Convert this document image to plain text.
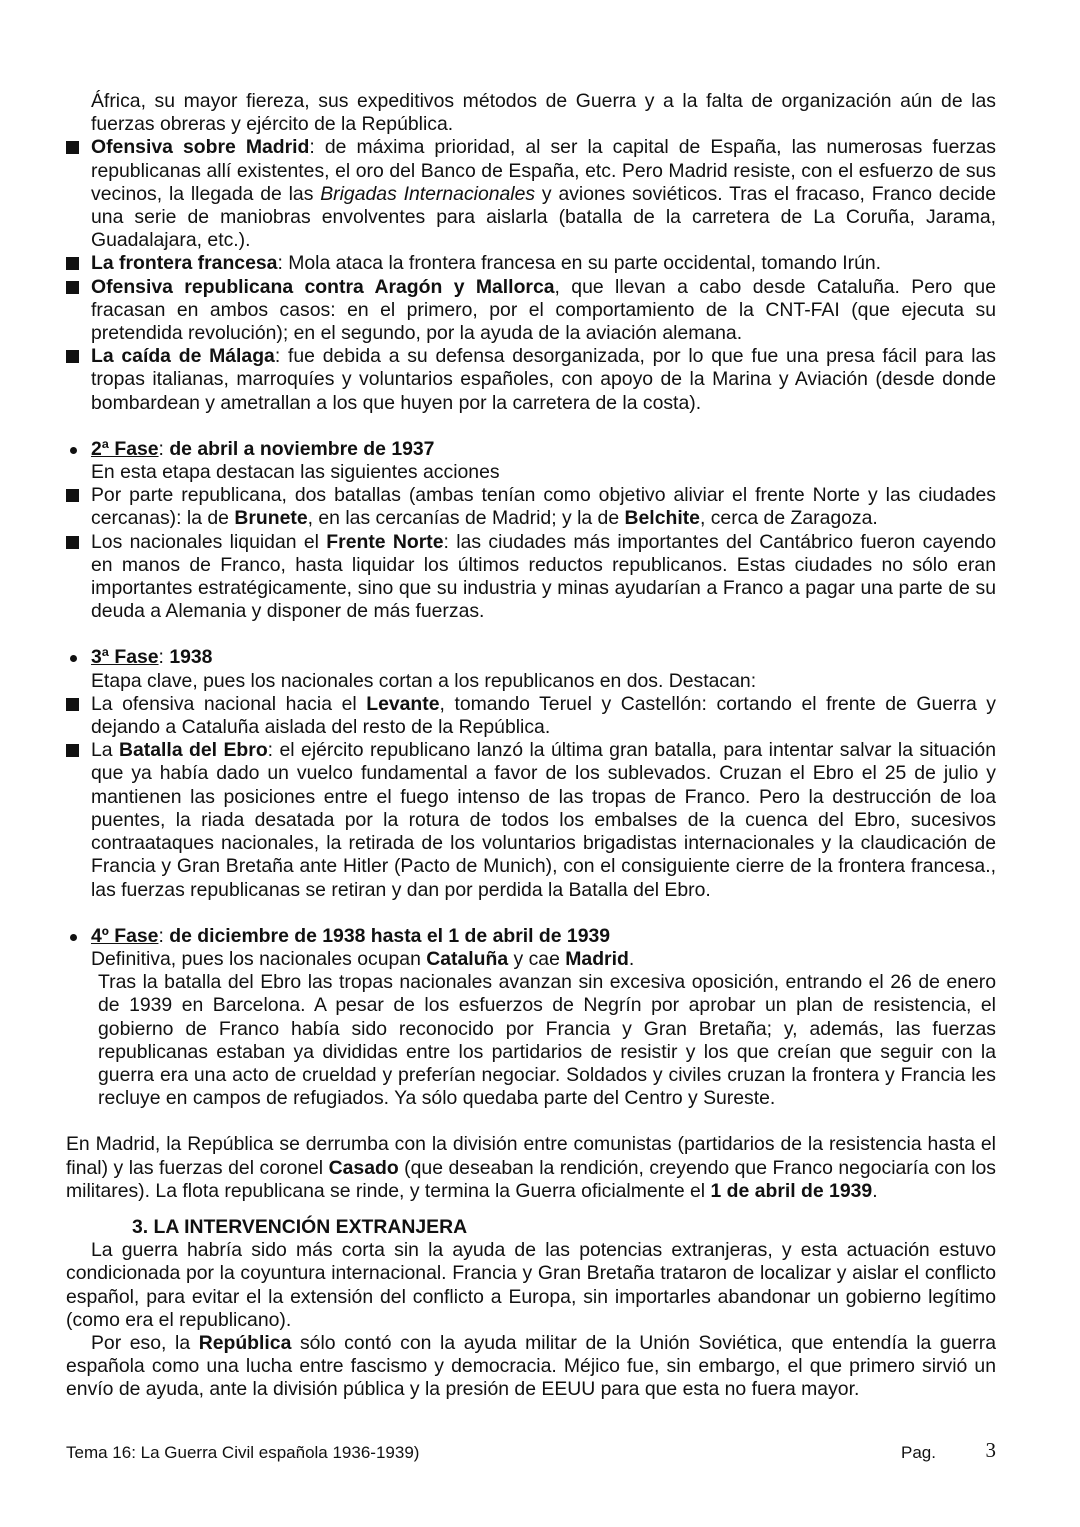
África, su mayor fiereza, sus expeditivos métodos de Guerra y a la falta de organización aún de las fuerzas obreras y ejército de la República.
Ofensiva sobre Madrid: de máxima prioridad, al ser la capital de España, las numerosas fuerzas republicanas allí existentes, el oro del Banco de España, etc. Pero Madrid resiste, con el esfuerzo de sus vecinos, la llegada de las Brigadas Internacionales y aviones soviéticos. Tras el fracaso, Franco decide una serie de maniobras envolventes para aislarla (batalla de la carretera de La Coruña, Jarama, Guadalajara, etc.).
La frontera francesa: Mola ataca la frontera francesa en su parte occidental, tomando Irún.
Ofensiva republicana contra Aragón y Mallorca, que llevan a cabo desde Cataluña. Pero que fracasan en ambos casos: en el primero, por el comportamiento de la CNT-FAI (que ejecuta su pretendida revolución); en el segundo, por la ayuda de la aviación alemana.
La caída de Málaga: fue debida a su defensa desorganizada, por lo que fue una presa fácil para las tropas italianas, marroquíes y voluntarios españoles, con apoyo de la Marina y Aviación (desde donde bombardean y ametrallan a los que huyen por la carretera de la costa).
2ª Fase: de abril a noviembre de 1937
En esta etapa destacan las siguientes acciones
Por parte republicana, dos batallas (ambas tenían como objetivo aliviar el frente Norte y las ciudades cercanas): la de Brunete, en las cercanías de Madrid; y la de Belchite, cerca de Zaragoza.
Los nacionales liquidan el Frente Norte: las ciudades más importantes del Cantábrico fueron cayendo en manos de Franco, hasta liquidar los últimos reductos republicanos. Estas ciudades no sólo eran importantes estratégicamente, sino que su industria y minas ayudarían a Franco a pagar una parte de su deuda a Alemania y disponer de más fuerzas.
3ª Fase: 1938
Etapa clave, pues los nacionales cortan a los republicanos en dos. Destacan:
La ofensiva nacional hacia el Levante, tomando Teruel y Castellón: cortando el frente de Guerra y dejando a Cataluña aislada del resto de la República.
La Batalla del Ebro: el ejército republicano lanzó la última gran batalla, para intentar salvar la situación que ya había dado un vuelco fundamental a favor de los sublevados. Cruzan el Ebro el 25 de julio y mantienen las posiciones entre el fuego intenso de las tropas de Franco. Pero la destrucción de loa puentes, la riada desatada por la rotura de todos los embalses de la cuenca del Ebro, sucesivos contraataques nacionales, la retirada de los voluntarios brigadistas internacionales y la claudicación de Francia y Gran Bretaña ante Hitler (Pacto de Munich), con el consiguiente cierre de la frontera francesa., las fuerzas republicanas se retiran y dan por perdida la Batalla del Ebro.
4º Fase: de diciembre de 1938 hasta el 1 de abril de 1939
Definitiva, pues los nacionales ocupan Cataluña y cae Madrid.
Tras la batalla del Ebro las tropas nacionales avanzan sin excesiva oposición, entrando el 26 de enero de 1939 en Barcelona. A pesar de los esfuerzos de Negrín por aprobar un plan de resistencia, el gobierno de Franco había sido reconocido por Francia y Gran Bretaña; y, además, las fuerzas republicanas estaban ya divididas entre los partidarios de resistir y los que creían que seguir con la guerra era una acto de crueldad y preferían negociar. Soldados y civiles cruzan la frontera y Francia les recluye en campos de refugiados. Ya sólo quedaba parte del Centro y Sureste.
En Madrid, la República se derrumba con la división entre comunistas (partidarios de la resistencia hasta el final) y las fuerzas del coronel Casado (que deseaban la rendición, creyendo que Franco negociaría con los militares). La flota republicana se rinde, y termina la Guerra oficialmente el 1 de abril de 1939.
3. LA INTERVENCIÓN EXTRANJERA
La guerra habría sido más corta sin la ayuda de las potencias extranjeras, y esta actuación estuvo condicionada por la coyuntura internacional. Francia y Gran Bretaña trataron de localizar y aislar el conflicto español, para evitar el la extensión del conflicto a Europa, sin importarles abandonar un gobierno legítimo (como era el republicano).
Por eso, la República sólo contó con la ayuda militar de la Unión Soviética, que entendía la guerra española como una lucha entre fascismo y democracia. Méjico fue, sin embargo, el que primero sirvió un envío de ayuda, ante la división pública y la presión de EEUU para que esta no fuera mayor.
Tema 16: La Guerra Civil española 1936-1939)	Pag. 3
